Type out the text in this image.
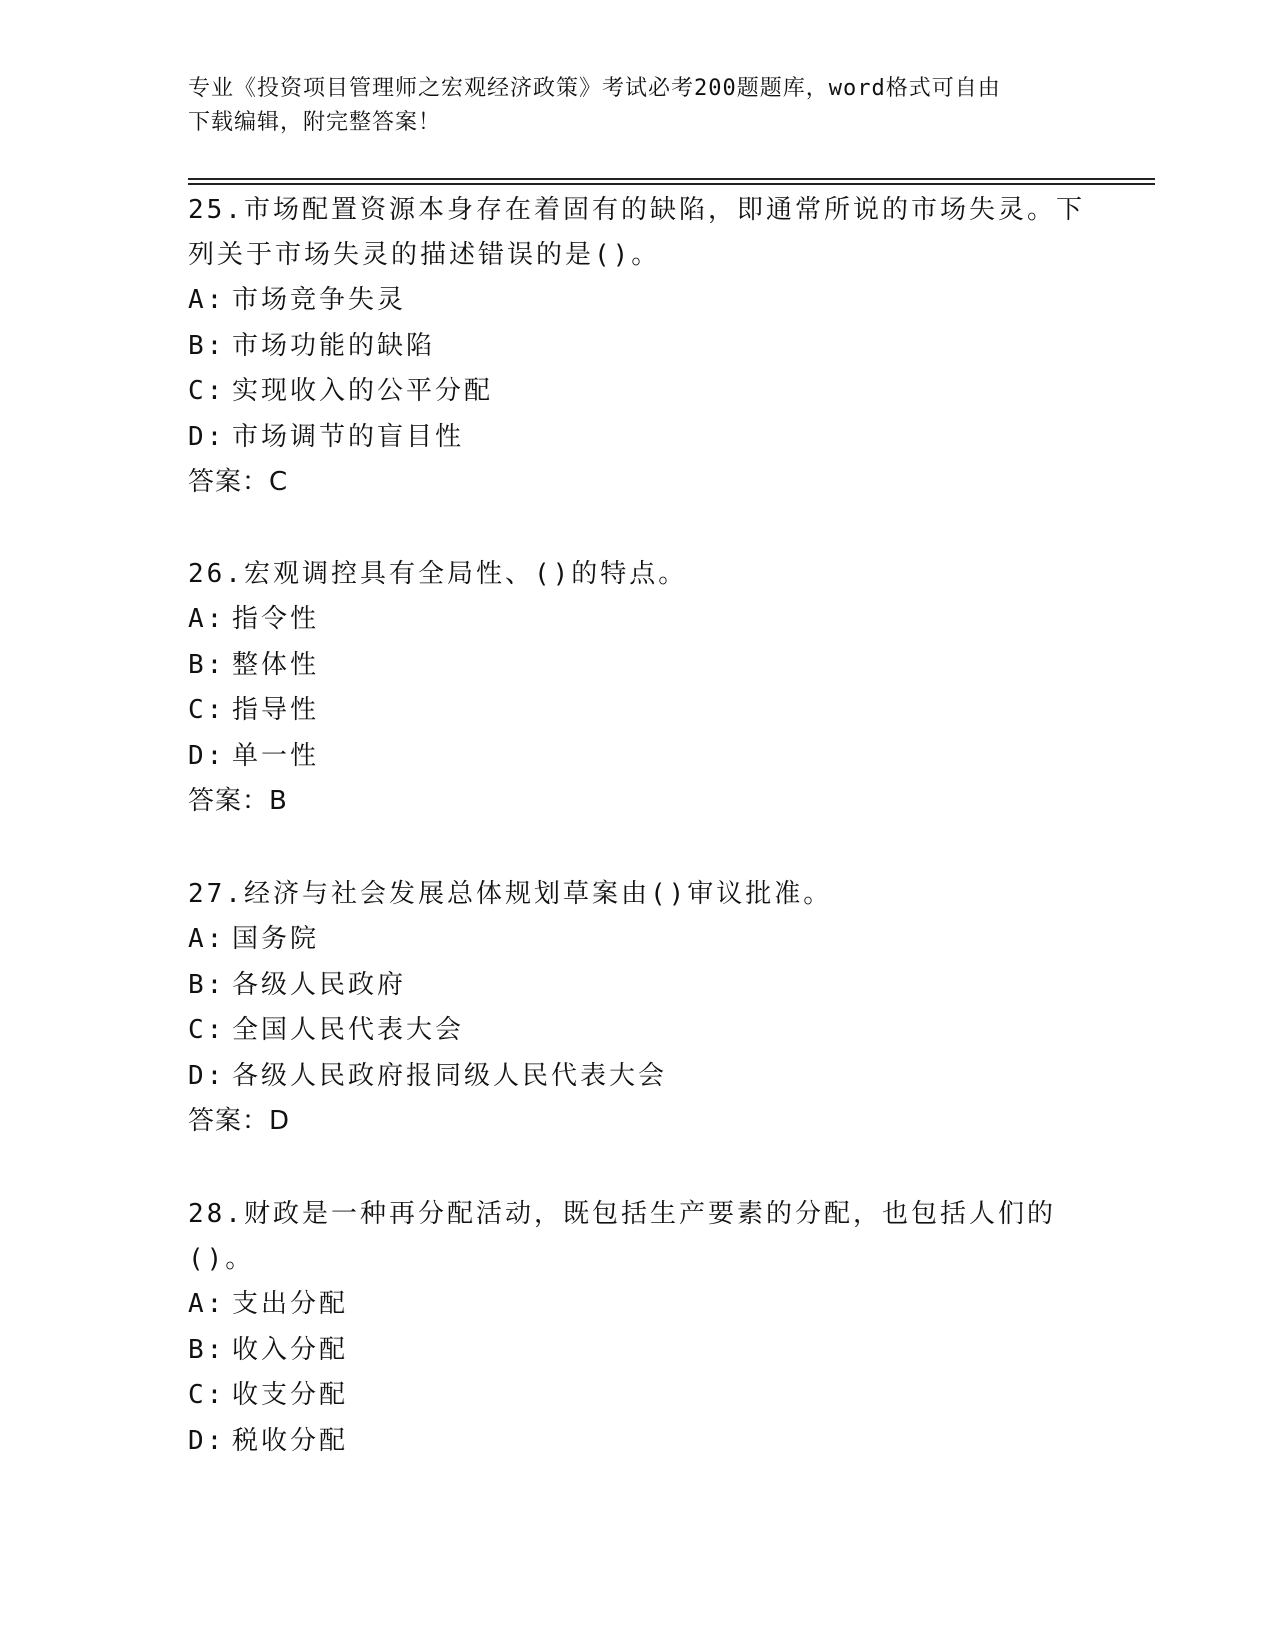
专业《投资项目管理师之宏观经济政策》考试必考200题题库，word格式可自由
下载编辑，附完整答案！

25.市场配置资源本身存在着固有的缺陷，即通常所说的市场失灵。下列关于市场失灵的描述错误的是()。

A: 市场竞争失灵
B: 市场功能的缺陷
C: 实现收入的公平分配
D: 市场调节的盲目性
答案：C

26.宏观调控具有全局性、()的特点。

A: 指令性
B: 整体性
C: 指导性
D: 单一性
答案：B

27.经济与社会发展总体规划草案由()审议批准。

A: 国务院
B: 各级人民政府
C: 全国人民代表大会
D: 各级人民政府报同级人民代表大会
答案：D

28.财政是一种再分配活动，既包括生产要素的分配，也包括人们的()。

A: 支出分配
B: 收入分配
C: 收支分配
D: 税收分配
